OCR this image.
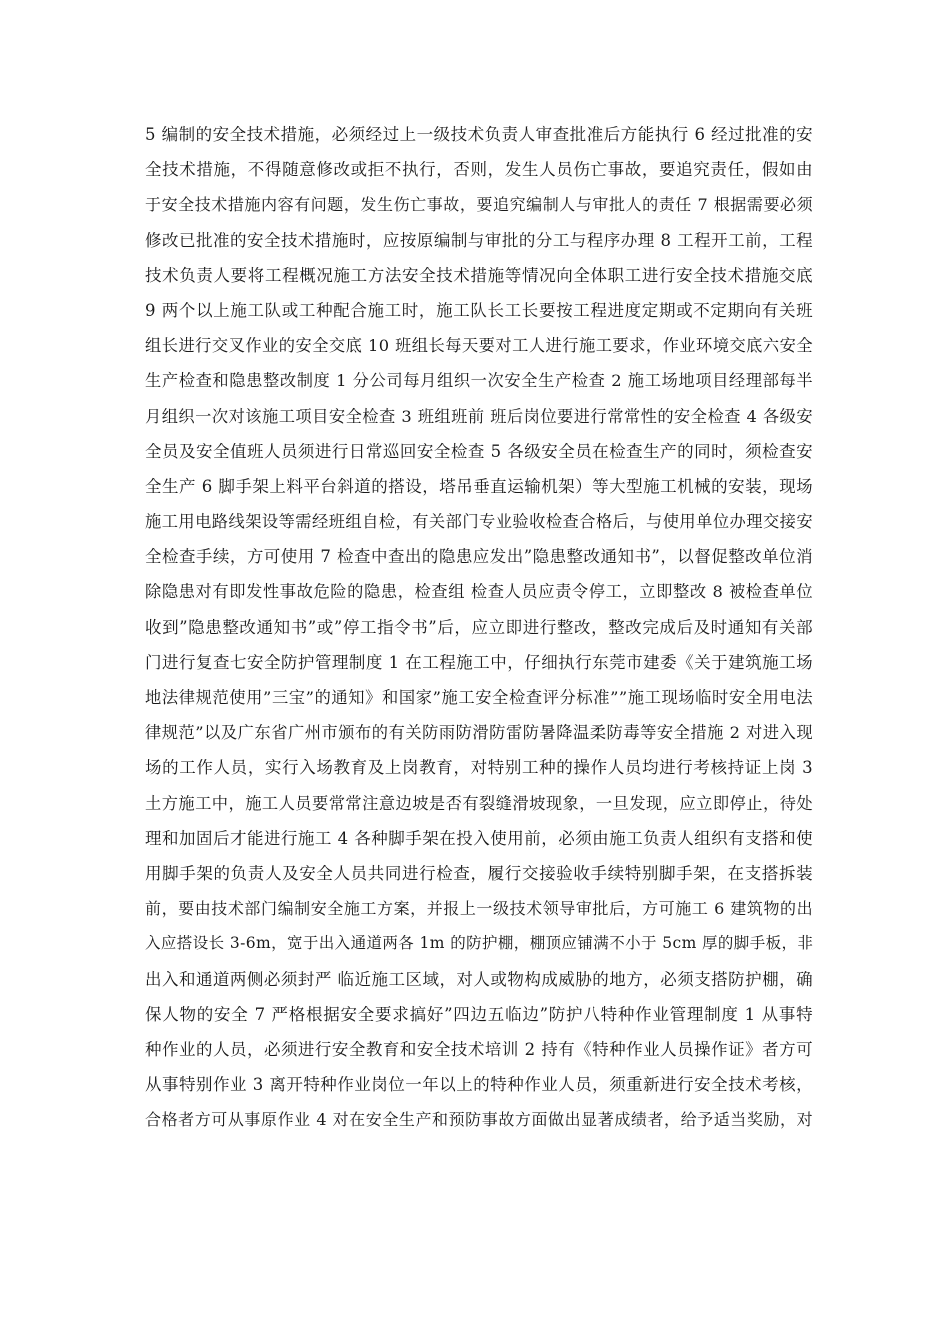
5 编制的安全技术措施，必须经过上一级技术负责人审查批准后方能执行 6 经过批准的安
全技术措施，不得随意修改或拒不执行，否则，发生人员伤亡事故，要追究责任，假如由
于安全技术措施内容有问题，发生伤亡事故，要追究编制人与审批人的责任 7 根据需要必须
修改已批准的安全技术措施时，应按原编制与审批的分工与程序办理 8 工程开工前，工程
技术负责人要将工程概况施工方法安全技术措施等情况向全体职工进行安全技术措施交底
9 两个以上施工队或工种配合施工时，施工队长工长要按工程进度定期或不定期向有关班
组长进行交叉作业的安全交底 10 班组长每天要对工人进行施工要求，作业环境交底六安全
生产检查和隐患整改制度 1 分公司每月组织一次安全生产检查 2 施工场地项目经理部每半
月组织一次对该施工项目安全检查 3 班组班前 班后岗位要进行常常性的安全检查 4 各级安
全员及安全值班人员须进行日常巡回安全检查 5 各级安全员在检查生产的同时，须检查安
全生产 6 脚手架上料平台斜道的搭设，塔吊垂直运输机架）等大型施工机械的安装，现场
施工用电路线架设等需经班组自检，有关部门专业验收检查合格后，与使用单位办理交接安
全检查手续，方可使用 7 检查中查出的隐患应发出”隐患整改通知书”，以督促整改单位消
除隐患对有即发性事故危险的隐患，检查组 检查人员应责令停工，立即整改 8 被检查单位
收到”隐患整改通知书”或”停工指令书”后，应立即进行整改，整改完成后及时通知有关部
门进行复查七安全防护管理制度 1 在工程施工中，仔细执行东莞市建委《关于建筑施工场
地法律规范使用”三宝”的通知》和国家”施工安全检查评分标准””施工现场临时安全用电法
律规范”以及广东省广州市颁布的有关防雨防滑防雷防暑降温柔防毒等安全措施 2 对进入现
场的工作人员，实行入场教育及上岗教育，对特别工种的操作人员均进行考核持证上岗 3
土方施工中，施工人员要常常注意边坡是否有裂缝滑坡现象，一旦发现，应立即停止，待处
理和加固后才能进行施工 4 各种脚手架在投入使用前，必须由施工负责人组织有支搭和使
用脚手架的负责人及安全人员共同进行检查，履行交接验收手续特别脚手架，在支搭拆装
前，要由技术部门编制安全施工方案，并报上一级技术领导审批后，方可施工 6 建筑物的出
入应搭设长 3-6m，宽于出入通道两各 1m 的防护棚，棚顶应铺满不小于 5cm 厚的脚手板，非
出入和通道两侧必须封严 临近施工区域，对人或物构成威胁的地方，必须支搭防护棚，确
保人物的安全 7 严格根据安全要求搞好”四边五临边”防护八特种作业管理制度 1 从事特
种作业的人员，必须进行安全教育和安全技术培训 2 持有《特种作业人员操作证》者方可
从事特别作业 3 离开特种作业岗位一年以上的特种作业人员，须重新进行安全技术考核，
合格者方可从事原作业 4 对在安全生产和预防事故方面做出显著成绩者，给予适当奖励，对
